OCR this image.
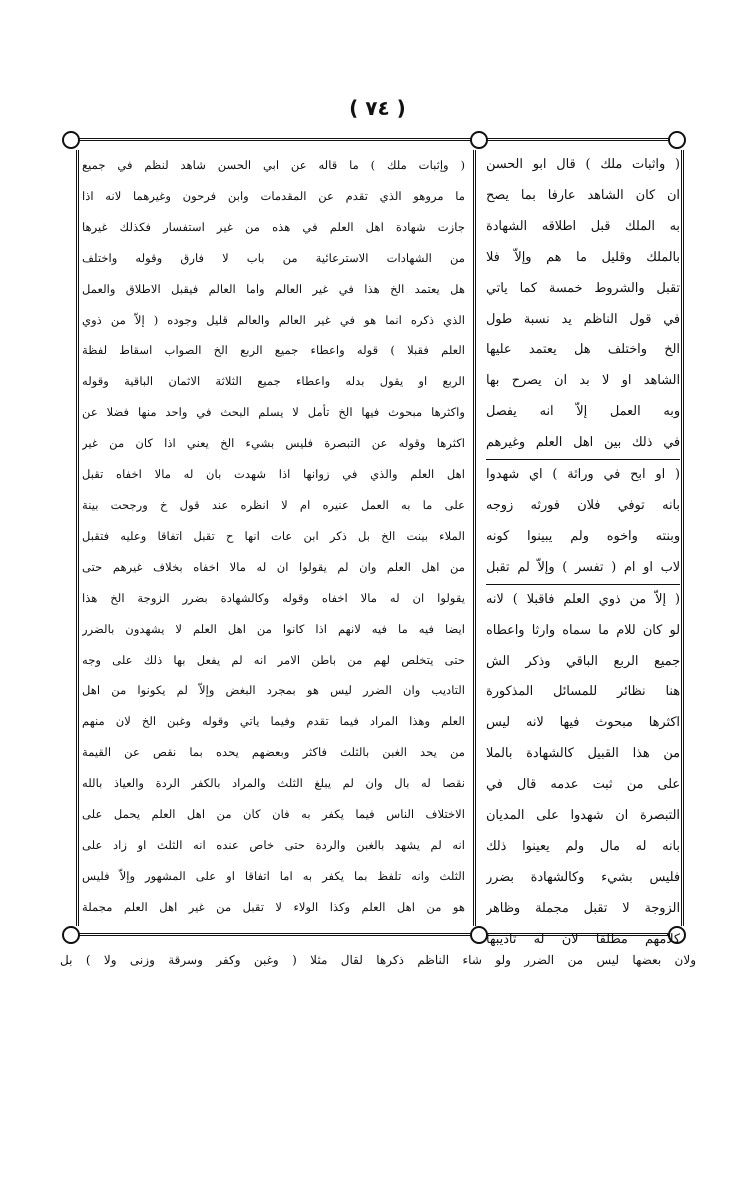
( ٧٤ )
( وإثبات ملك ) ما قاله عن ابي الحسن شاهد لنظم في جميع
ما مروهو الذي تقدم عن المقدمات وابن فرحون وغيرهما لانه اذا
جازت شهادة اهل العلم في هذه من غير استفسار فكذلك غيرها
من الشهادات الاسترعائية من باب لا فارق وقوله واختلف
هل يعتمد الخ هذا في غير العالم واما العالم فيقبل الاطلاق والعمل
الذي ذكره انما هو في غير العالم والعالم قليل وجوده ( إلاّ من ذوي
العلم فقبلا ) قوله واعطاء جميع الربع الخ الصواب اسقاط لفظة
الربع او يقول بدله واعطاء جميع الثلاثة الاثمان الباقية وقوله
واكثرها مبحوث فيها الخ تأمل لا يسلم البحث في واحد منها فضلا عن
اكثرها وقوله عن التبصرة فليس بشيء الخ يعني اذا كان من غير
اهل العلم والذي في زوانها اذا شهدت بان له مالا اخفاه تقبل
على ما به العمل عنيره ام لا انظره عند قول خ ورجحت بينة
الملاء بينت الخ بل ذكر ابن عات انها ح تقبل اتفاقا وعليه فتقبل
من اهل العلم وان لم يقولوا ان له مالا اخفاه بخلاف غيرهم حتى
يقولوا ان له مالا اخفاه وقوله وكالشهادة بضرر الزوجة الخ هذا
ايضا فيه ما فيه لانهم اذا كانوا من اهل العلم لا يشهدون بالضرر
حتى يتخلص لهم من باطن الامر انه لم يفعل بها ذلك على وجه
التاديب وان الضرر ليس هو بمجرد البغض وإلاّ لم يكونوا من اهل
العلم وهذا المراد فيما تقدم وفيما ياتي وقوله وغبن الخ لان منهم
من يحد الغبن بالثلث فاكثر وبعضهم يحده بما نقص عن القيمة
نقصا له بال وان لم يبلغ الثلث والمراد بالكفر الردة والعياذ بالله
الاختلاف الناس فيما يكفر به فان كان من اهل العلم يحمل على
انه لم يشهد بالغبن والردة حتى خاص عنده انه الثلث او زاد على
الثلث وانه تلفظ بما يكفر به اما اتفاقا او على المشهور وإلاّ فليس
هو من اهل العلم وكذا الولاء لا تقبل من غير اهل العلم مجملة
( واثبات ملك ) قال ابو الحسن
ان كان الشاهد عارفا بما يصح
به الملك قبل اطلاقه الشهادة
بالملك وقليل ما هم وإلاّ فلا
تقبل والشروط خمسة كما ياتي
في قول الناظم يد نسبة طول
الخ واختلف هل يعتمد عليها
الشاهد او لا بد ان يصرح بها
وبه العمل إلاّ انه يفصل
في ذلك بين اهل العلم وغيرهم
( او ابح في وراثة ) اي شهدوا
بانه توفي فلان فورثه زوجه
وبنته واخوه ولم يبينوا كونه
لاب او ام ( تفسر ) وإلاّ لم تقبل
( إلاّ من ذوي العلم فاقبلا ) لانه
لو كان للام ما سماه وارثا واعطاه
جميع الربع الباقي وذكر الش
هنا نظائر للمسائل المذكورة
اكثرها مبحوث فيها لانه ليس
من هذا القبيل كالشهادة بالملا
على من ثبت عدمه قال في
التبصرة ان شهدوا على المديان
بانه له مال ولم يعينوا ذلك
فليس بشيء وكالشهادة بضرر
الزوجة لا تقبل مجملة وظاهر
كلامهم مطلقا لان له تاديبها
ولان بعضها ليس من الضرر ولو شاء الناظم ذكرها لقال مثلا ( وغبن وكفر وسرقة وزنى ولا ) بل
